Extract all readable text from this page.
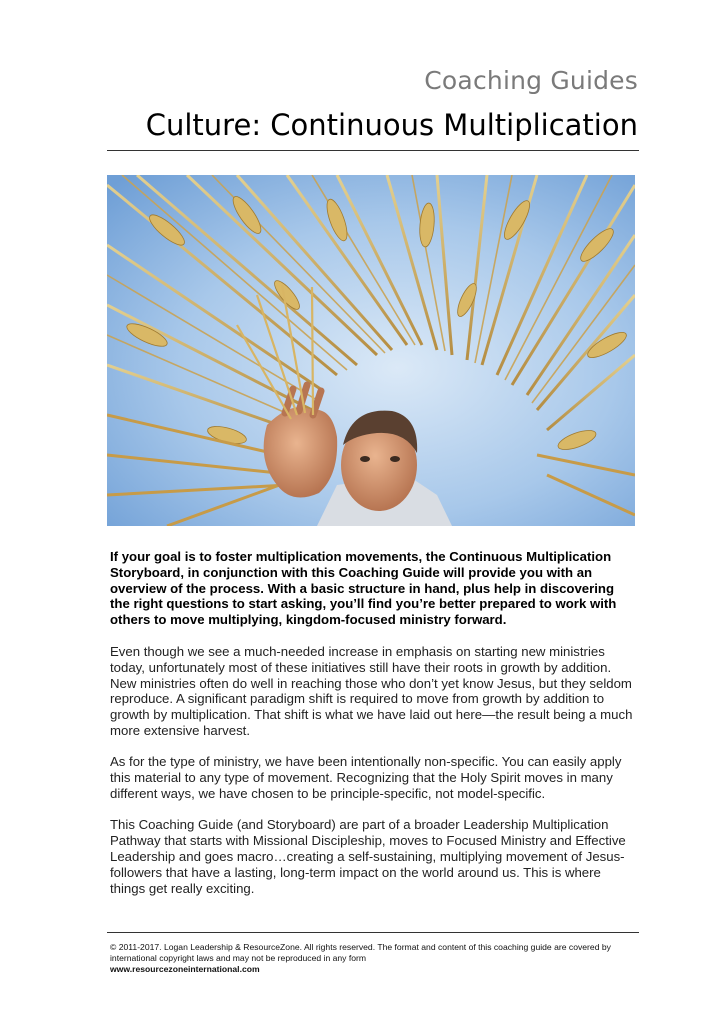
Coaching Guides
Culture: Continuous Multiplication

If your goal is to foster multiplication movements, the Continuous Multiplication Storyboard, in conjunction with this Coaching Guide will provide you with an overview of the process. With a basic structure in hand, plus help in discovering the right questions to start asking, you’ll find you’re better prepared to work with others to move multiplying, kingdom-focused ministry forward.

Even though we see a much-needed increase in emphasis on starting new ministries today, unfortunately most of these initiatives still have their roots in growth by addition. New ministries often do well in reaching those who don’t yet know Jesus, but they seldom reproduce. A significant paradigm shift is required to move from growth by addition to growth by multiplication. That shift is what we have laid out here—the result being a much more extensive harvest.

As for the type of ministry, we have been intentionally non-specific. You can easily apply this material to any type of movement. Recognizing that the Holy Spirit moves in many different ways, we have chosen to be principle-specific, not model-specific.

This Coaching Guide (and Storyboard) are part of a broader Leadership Multiplication Pathway that starts with Missional Discipleship, moves to Focused Ministry and Effective Leadership and goes macro…creating a self-sustaining, multiplying movement of Jesus-followers that have a lasting, long-term impact on the world around us. This is where things get really exciting.

© 2011-2017. Logan Leadership & ResourceZone. All rights reserved. The format and content of this coaching guide are covered by international copyright laws and may not be reproduced in any form
www.resourcezoneinternational.com
